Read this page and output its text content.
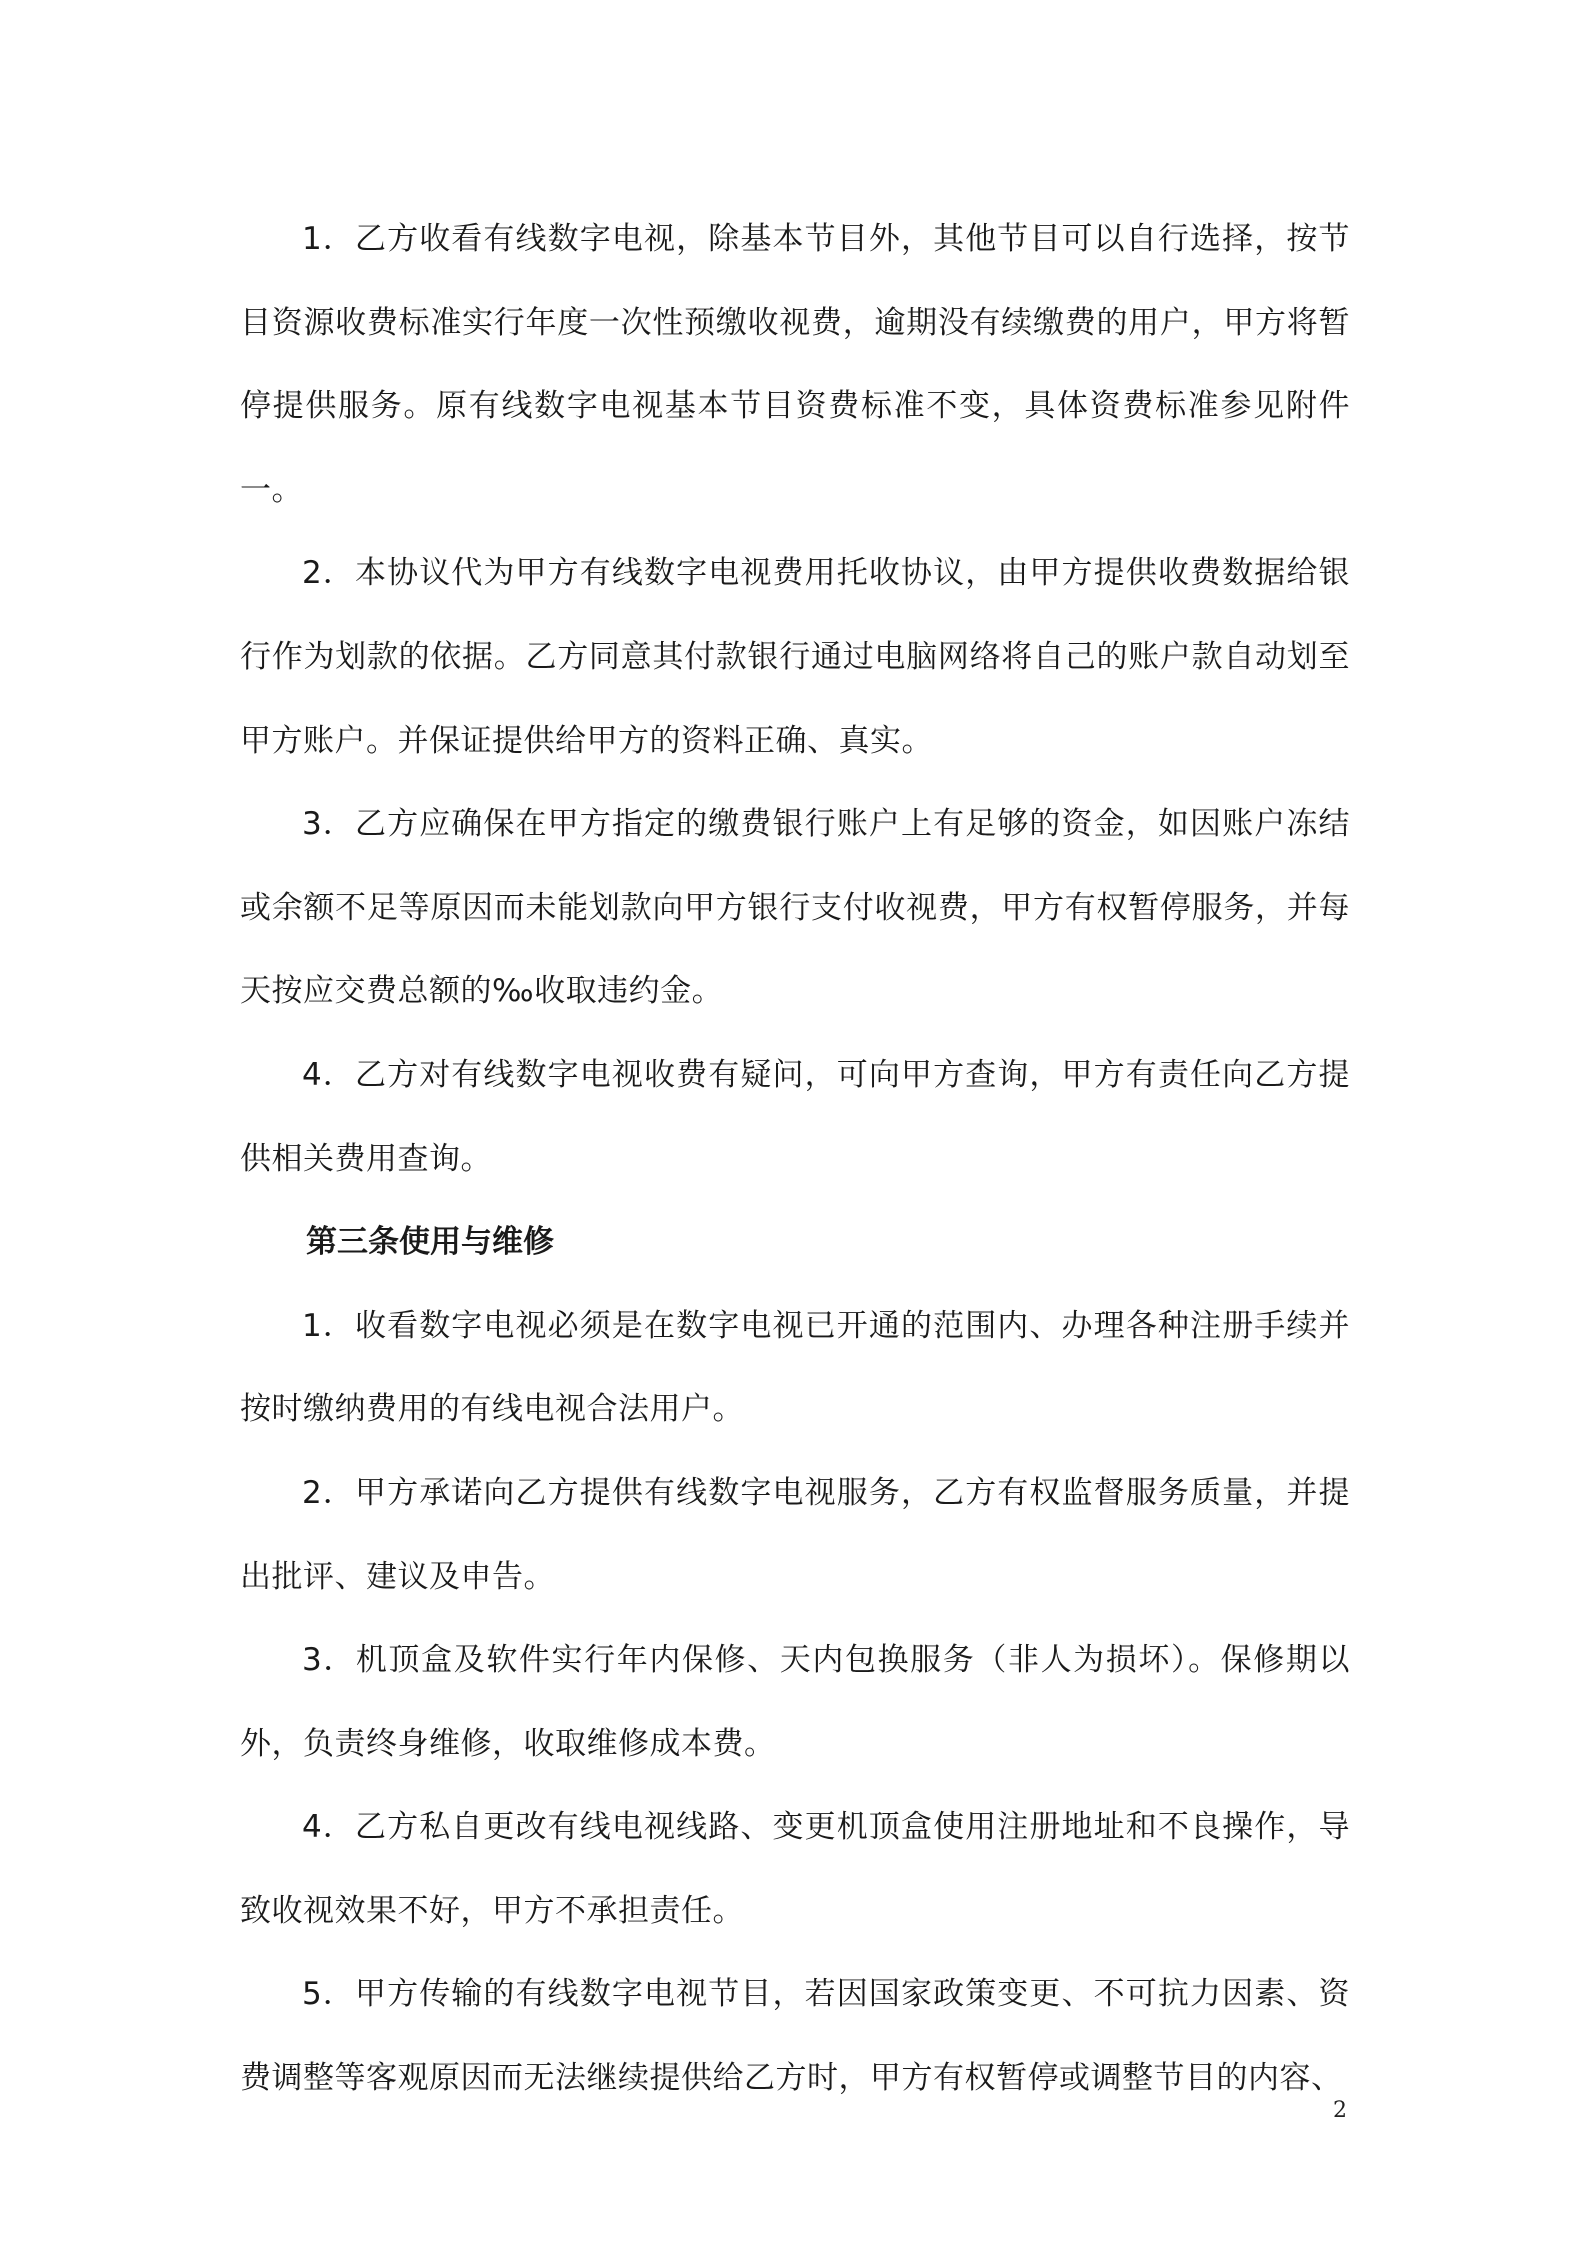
1．乙方收看有线数字电视，除基本节目外，其他节目可以自行选择，按节目资源收费标准实行年度一次性预缴收视费，逾期没有续缴费的用户，甲方将暂停提供服务。原有线数字电视基本节目资费标准不变，具体资费标准参见附件一。

2．本协议代为甲方有线数字电视费用托收协议，由甲方提供收费数据给银行作为划款的依据。乙方同意其付款银行通过电脑网络将自己的账户款自动划至甲方账户。并保证提供给甲方的资料正确、真实。

3．乙方应确保在甲方指定的缴费银行账户上有足够的资金，如因账户冻结或余额不足等原因而未能划款向甲方银行支付收视费，甲方有权暂停服务，并每天按应交费总额的‰收取违约金。

4．乙方对有线数字电视收费有疑问，可向甲方查询，甲方有责任向乙方提供相关费用查询。

第三条使用与维修

1．收看数字电视必须是在数字电视已开通的范围内、办理各种注册手续并按时缴纳费用的有线电视合法用户。

2．甲方承诺向乙方提供有线数字电视服务，乙方有权监督服务质量，并提出批评、建议及申告。

3．机顶盒及软件实行年内保修、天内包换服务（非人为损坏）。保修期以外，负责终身维修，收取维修成本费。

4．乙方私自更改有线电视线路、变更机顶盒使用注册地址和不良操作，导致收视效果不好，甲方不承担责任。

5．甲方传输的有线数字电视节目，若因国家政策变更、不可抗力因素、资费调整等客观原因而无法继续提供给乙方时，甲方有权暂停或调整节目的内容、

2
